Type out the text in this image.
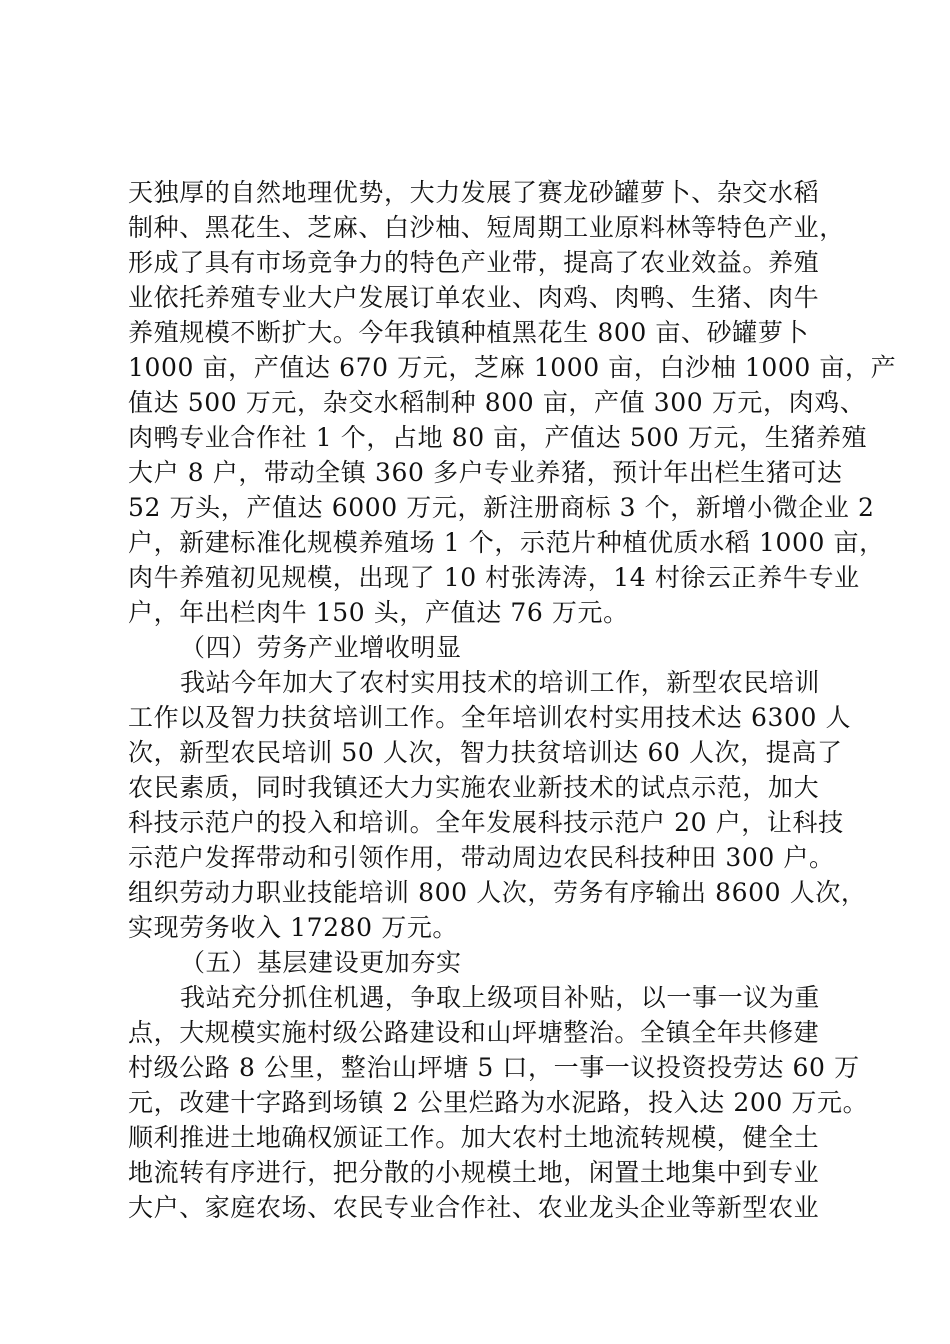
天独厚的自然地理优势，大力发展了赛龙砂罐萝卜、杂交水稻
制种、黑花生、芝麻、白沙柚、短周期工业原料林等特色产业，
形成了具有市场竞争力的特色产业带，提高了农业效益。养殖
业依托养殖专业大户发展订单农业、肉鸡、肉鸭、生猪、肉牛
养殖规模不断扩大。今年我镇种植黑花生 800 亩、砂罐萝卜
1000 亩，产值达 670 万元，芝麻 1000 亩，白沙柚 1000 亩，产
值达 500 万元，杂交水稻制种 800 亩，产值 300 万元，肉鸡、
肉鸭专业合作社 1 个，占地 80 亩，产值达 500 万元，生猪养殖
大户 8 户，带动全镇 360 多户专业养猪，预计年出栏生猪可达
52 万头，产值达 6000 万元，新注册商标 3 个，新增小微企业 2
户，新建标准化规模养殖场 1 个，示范片种植优质水稻 1000 亩，
肉牛养殖初见规模，出现了 10 村张涛涛，14 村徐云正养牛专业
户，年出栏肉牛 150 头，产值达 76 万元。
（四）劳务产业增收明显
我站今年加大了农村实用技术的培训工作，新型农民培训
工作以及智力扶贫培训工作。全年培训农村实用技术达 6300 人
次，新型农民培训 50 人次，智力扶贫培训达 60 人次，提高了
农民素质，同时我镇还大力实施农业新技术的试点示范，加大
科技示范户的投入和培训。全年发展科技示范户 20 户，让科技
示范户发挥带动和引领作用，带动周边农民科技种田 300 户。
组织劳动力职业技能培训 800 人次，劳务有序输出 8600 人次，
实现劳务收入 17280 万元。
（五）基层建设更加夯实
我站充分抓住机遇，争取上级项目补贴，以一事一议为重
点，大规模实施村级公路建设和山坪塘整治。全镇全年共修建
村级公路 8 公里，整治山坪塘 5 口，一事一议投资投劳达 60 万
元，改建十字路到场镇 2 公里烂路为水泥路，投入达 200 万元。
顺利推进土地确权颁证工作。加大农村土地流转规模，健全土
地流转有序进行，把分散的小规模土地，闲置土地集中到专业
大户、家庭农场、农民专业合作社、农业龙头企业等新型农业
